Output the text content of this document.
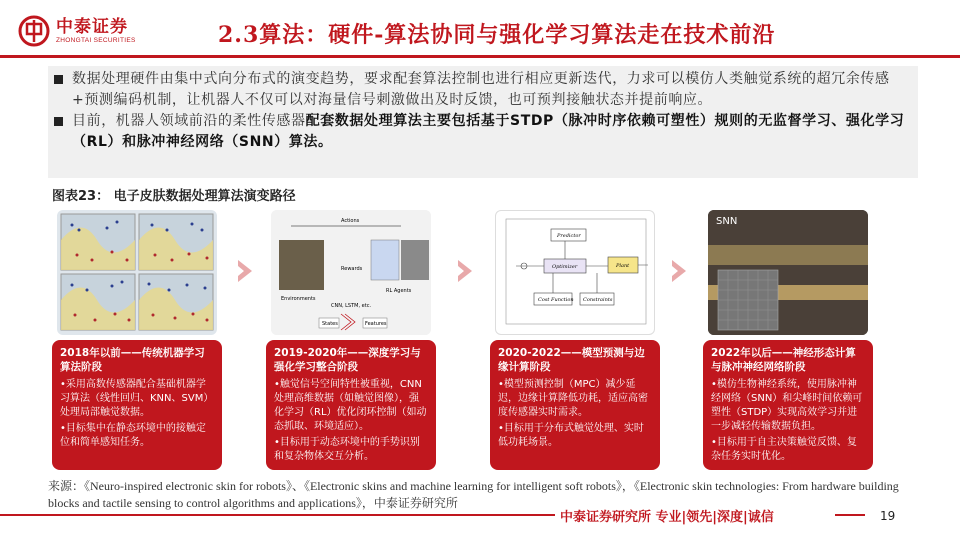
中泰证券
ZHONGTAI SECURITIES	2.3算法：硬件-算法协同与强化学习算法走在技术前沿
数据处理硬件由集中式向分布式的演变趋势，要求配套算法控制也进行相应更新迭代，力求可以模仿人类触觉系统的超冗余传感+预测编码机制，让机器人不仅可以对海量信号刺激做出及时反馈，也可预判接触状态并提前响应。
目前，机器人领域前沿的柔性传感器配套数据处理算法主要包括基于STDP（脉冲时序依赖可塑性）规则的无监督学习、强化学习（RL）和脉冲神经网络（SNN）算法。
图表23： 电子皮肤数据处理算法演变路径
2018年以前——传统机器学习算法阶段
•采用高数传感器配合基础机器学习算法（线性回归、KNN、SVM）处理局部触觉数据。
•目标集中在静态环境中的接触定位和简单感知任务。
Actions
Rewards
Environments
RL Agents
CNN, LSTM, etc.
States	Features
2019-2020年——深度学习与强化学习整合阶段
•触觉信号空间特性被重视，CNN处理高维数据（如触觉图像），强化学习（RL）优化闭环控制（如动态抓取、环境适应）。
•目标用于动态环境中的手势识别和复杂物体交互分析。
Predictor
Optimizer	Plant
Cost Function Constraints
2020-2022——模型预测与边缘计算阶段
•模型预测控制（MPC）减少延迟，边缘计算降低功耗，适应高密度传感器实时需求。
•目标用于分布式触觉处理、实时低功耗场景。
SNN
2022年以后——神经形态计算与脉冲神经网络阶段
•模仿生物神经系统，使用脉冲神经网络（SNN）和尖峰时间依赖可塑性（STDP）实现高效学习并进一步减轻传输数据负担。
•目标用于自主决策触觉反馈、复杂任务实时优化。
来源：《Neuro-inspired electronic skin for robots》、《Electronic skins and machine learning for intelligent soft robots》，《Electronic skin technologies: From hardware building blocks and tactile sensing to control algorithms and applications》，中泰证券研究所
中泰证券研究所 专业|领先|深度|诚信	19
